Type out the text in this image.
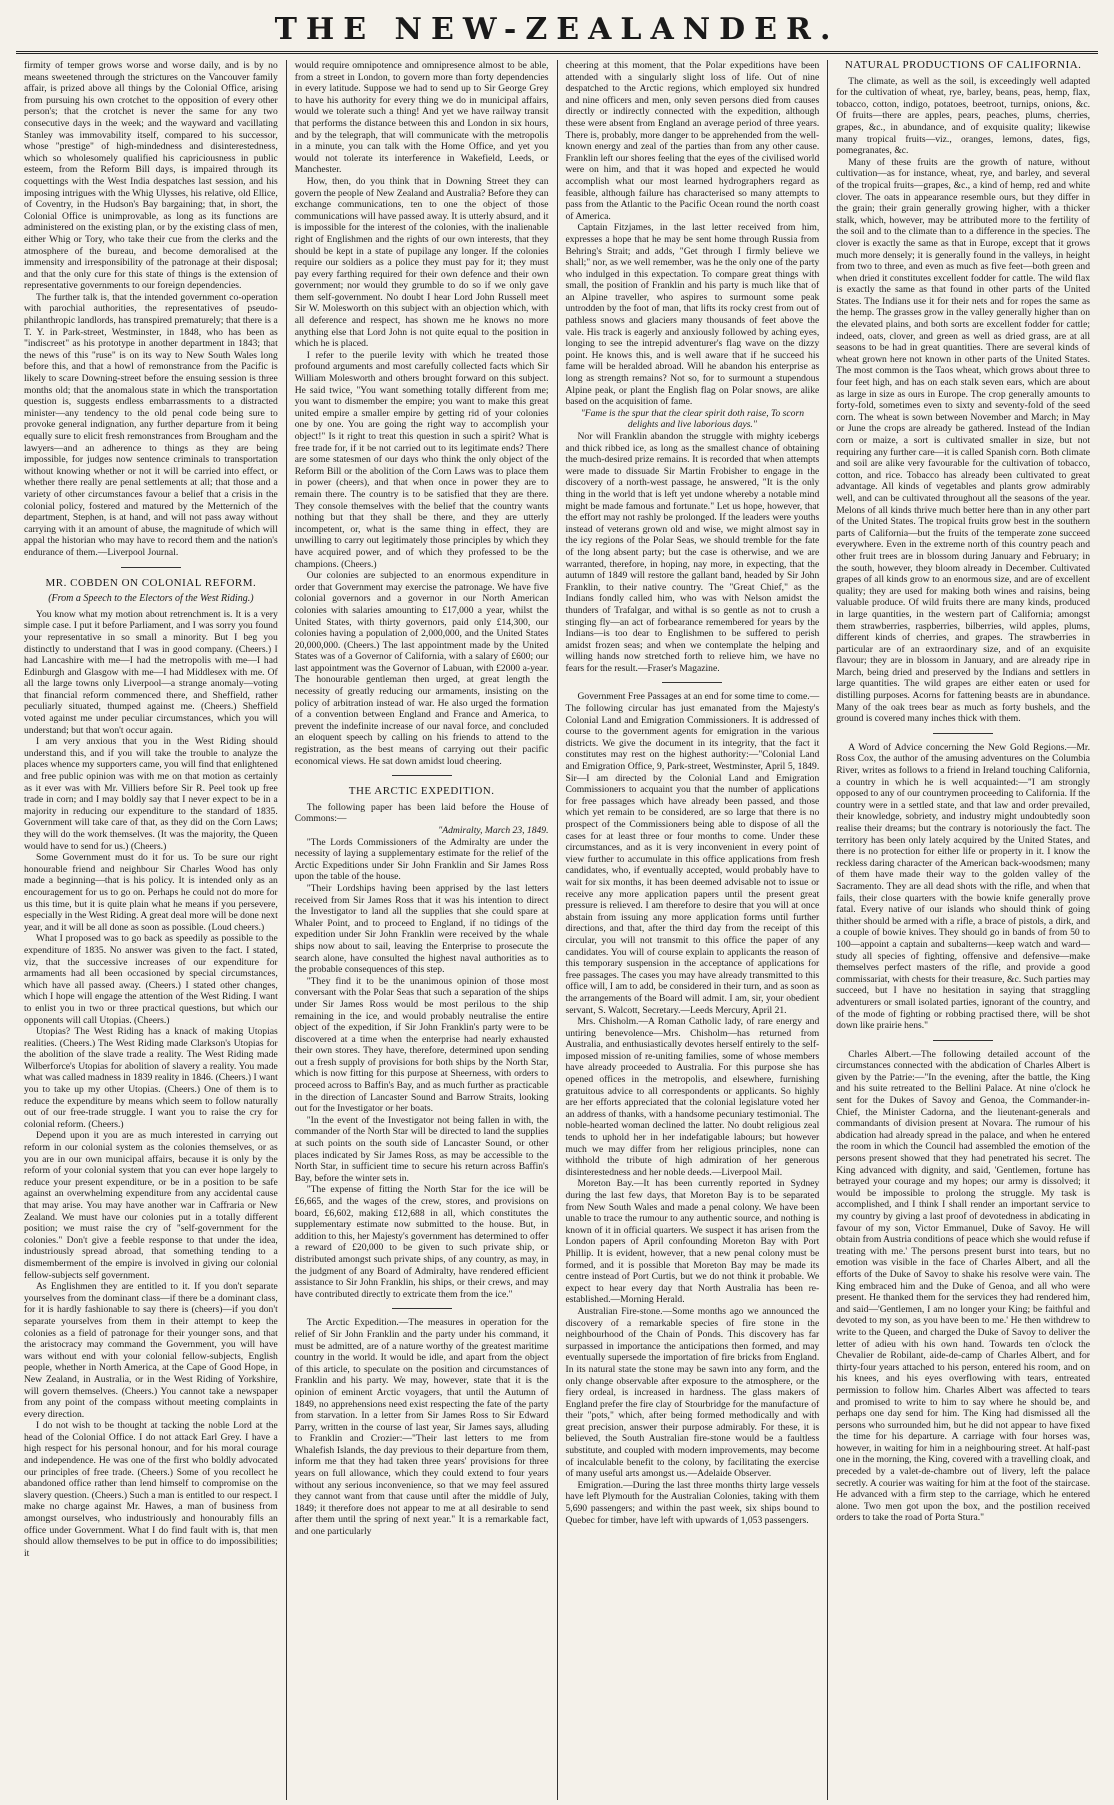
THE NEW-ZEALANDER.

firmity of temper grows worse and worse daily, and is by no means sweetened through the strictures on the Vancouver family affair, is prized above all things by the Colonial Office, arising from pursuing his own crotchet to the opposition of every other person's; that the crotchet is never the same for any two consecutive days in the week; and the wayward and vacillating Stanley was immovability itself, compared to his successor, whose "prestige" of high-mindedness and disinterestedness, which so wholesomely qualified his capriciousness in public esteem, from the Reform Bill days, is impaired through its coquettings with the West India despatches last session, and his imposing intrigues with the Whig Ulysses, his relative, old Ellice, of Coventry, in the Hudson's Bay bargaining; that, in short, the Colonial Office is unimprovable, as long as its functions are administered on the existing plan, or by the existing class of men, either Whig or Tory, who take their cue from the clerks and the atmosphere of the bureau, and become demoralised at the immensity and irresponsibility of the patronage at their disposal; and that the only cure for this state of things is the extension of representative governments to our foreign dependencies.

The further talk is, that the intended government co-operation with parochial authorities, the representatives of pseudo-philanthropic landlords, has transpired prematurely; that there is a T. Y. in Park-street, Westminster, in 1848, who has been as "indiscreet" as his prototype in another department in 1843; that the news of this "ruse" is on its way to New South Wales long before this, and that a howl of remonstrance from the Pacific is likely to scare Downing-street before the ensuing session is three months old; that the anomalous state in which the transportation question is, suggests endless embarrassments to a distracted minister—any tendency to the old penal code being sure to provoke general indignation, any further departure from it being equally sure to elicit fresh remonstrances from Brougham and the lawyers—and an adherence to things as they are being impossible, for judges now sentence criminals to transportation without knowing whether or not it will be carried into effect, or whether there really are penal settlements at all; that those and a variety of other circumstances favour a belief that a crisis in the colonial policy, fostered and matured by the Metternich of the department, Stephen, is at hand, and will not pass away without carrying with it an amount of abuse, the magnitude of which will appal the historian who may have to record them and the nation's endurance of them.—Liverpool Journal.

MR. COBDEN ON COLONIAL REFORM.
(From a Speech to the Electors of the West Riding.)

You know what my motion about retrenchment is. It is a very simple case. I put it before Parliament, and I was sorry you found your representative in so small a minority. But I beg you distinctly to understand that I was in good company. (Cheers.) I had Lancashire with me—I had the metropolis with me—I had Edinburgh and Glasgow with me—I had Middlesex with me. Of all the large towns only Liverpool—a strange anomaly—voting that financial reform commenced there, and Sheffield, rather peculiarly situated, thumped against me. (Cheers.) Sheffield voted against me under peculiar circumstances, which you will understand; but that won't occur again.

I am very anxious that you in the West Riding should understand this, and if you will take the trouble to analyze the places whence my supporters came, you will find that enlightened and free public opinion was with me on that motion as certainly as it ever was with Mr. Villiers before Sir R. Peel took up free trade in corn; and I may boldly say that I never expect to be in a majority in reducing our expenditure to the standard of 1835. Government will take care of that, as they did on the Corn Laws; they will do the work themselves. (It was the majority, the Queen would have to send for us.) (Cheers.)

Some Government must do it for us. To be sure our right honourable friend and neighbour Sir Charles Wood has only made a beginning—that is his policy. It is intended only as an encouragement for us to go on. Perhaps he could not do more for us this time, but it is quite plain what he means if you persevere, especially in the West Riding. A great deal more will be done next year, and it will be all done as soon as possible. (Loud cheers.)

What I proposed was to go back as speedily as possible to the expenditure of 1835. No answer was given to the fact. I stated, viz, that the successive increases of our expenditure for armaments had all been occasioned by special circumstances, which have all passed away. (Cheers.) I stated other changes, which I hope will engage the attention of the West Riding. I want to enlist you in two or three practical questions, but which our opponents will call Utopias. (Cheers.)

Utopias? The West Riding has a knack of making Utopias realities. (Cheers.) The West Riding made Clarkson's Utopias for the abolition of the slave trade a reality. The West Riding made Wilberforce's Utopias for abolition of slavery a reality. You made what was called madness in 1839 reality in 1846. (Cheers.) I want you to take up my other Utopias. (Cheers.) One of them is to reduce the expenditure by means which seem to follow naturally out of our free-trade struggle. I want you to raise the cry for colonial reform. (Cheers.)

Depend upon it you are as much interested in carrying out reform in our colonial system as the colonies themselves, or as you are in our own municipal affairs, because it is only by the reform of your colonial system that you can ever hope largely to reduce your present expenditure, or be in a position to be safe against an overwhelming expenditure from any accidental cause that may arise. You may have another war in Caffraria or New Zealand. We must have our colonies put in a totally different position; we must raise the cry of "self-government for the colonies." Don't give a feeble response to that under the idea, industriously spread abroad, that something tending to a dismemberment of the empire is involved in giving our colonial fellow-subjects self government.

As Englishmen they are entitled to it. If you don't separate yourselves from the dominant class—if there be a dominant class, for it is hardly fashionable to say there is (cheers)—if you don't separate yourselves from them in their attempt to keep the colonies as a field of patronage for their younger sons, and that the aristocracy may command the Government, you will have wars without end with your colonial fellow-subjects, English people, whether in North America, at the Cape of Good Hope, in New Zealand, in Australia, or in the West Riding of Yorkshire, will govern themselves. (Cheers.) You cannot take a newspaper from any point of the compass without meeting complaints in every direction.

I do not wish to be thought at tacking the noble Lord at the head of the Colonial Office. I do not attack Earl Grey. I have a high respect for his personal honour, and for his moral courage and independence. He was one of the first who boldly advocated our principles of free trade. (Cheers.) Some of you recollect he abandoned office rather than lend himself to compromise on the slavery question. (Cheers.) Such a man is entitled to our respect. I make no charge against Mr. Hawes, a man of business from amongst ourselves, who industriously and honourably fills an office under Government. What I do find fault with is, that men should allow themselves to be put in office to do impossibilities; it

would require omnipotence and omnipresence almost to be able, from a street in London, to govern more than forty dependencies in every latitude. Suppose we had to send up to Sir George Grey to have his authority for every thing we do in municipal affairs, would we tolerate such a thing! And yet we have railway transit that performs the distance between this and London in six hours, and by the telegraph, that will communicate with the metropolis in a minute, you can talk with the Home Office, and yet you would not tolerate its interference in Wakefield, Leeds, or Manchester.

How, then, do you think that in Downing Street they can govern the people of New Zealand and Australia? Before they can exchange communications, ten to one the object of those communications will have passed away. It is utterly absurd, and it is impossible for the interest of the colonies, with the inalienable right of Englishmen and the rights of our own interests, that they should be kept in a state of pupilage any longer. If the colonies require our soldiers as a police they must pay for it; they must pay every farthing required for their own defence and their own government; nor would they grumble to do so if we only gave them self-government. No doubt I hear Lord John Russell meet Sir W. Molesworth on this subject with an objection which, with all deference and respect, has shown me he knows no more anything else that Lord John is not quite equal to the position in which he is placed.

I refer to the puerile levity with which he treated those profound arguments and most carefully collected facts which Sir William Molesworth and others brought forward on this subject. He said twice, "You want something totally different from me; you want to dismember the empire; you want to make this great united empire a smaller empire by getting rid of your colonies one by one. You are going the right way to accomplish your object!" Is it right to treat this question in such a spirit? What is free trade for, if it be not carried out to its legitimate ends? There are some statesmen of our days who think the only object of the Reform Bill or the abolition of the Corn Laws was to place them in power (cheers), and that when once in power they are to remain there. The country is to be satisfied that they are there. They console themselves with the belief that the country wants nothing but that they shall be there, and they are utterly incompetent, or, what is the same thing in effect, they are unwilling to carry out legitimately those principles by which they have acquired power, and of which they professed to be the champions. (Cheers.)

Our colonies are subjected to an enormous expenditure in order that Government may exercise the patronage. We have five colonial governors and a governor in our North American colonies with salaries amounting to £17,000 a year, whilst the United States, with thirty governors, paid only £14,300, our colonies having a population of 2,000,000, and the United States 20,000,000. (Cheers.) The last appointment made by the United States was of a Governor of California, with a salary of £600; our last appointment was the Governor of Labuan, with £2000 a-year. The honourable gentleman then urged, at great length the necessity of greatly reducing our armaments, insisting on the policy of arbitration instead of war. He also urged the formation of a convention between England and France and America, to prevent the indefinite increase of our naval force, and concluded an eloquent speech by calling on his friends to attend to the registration, as the best means of carrying out their pacific economical views. He sat down amidst loud cheering.

THE ARCTIC EXPEDITION.

The following paper has been laid before the House of Commons:—

"Admiralty, March 23, 1849.

"The Lords Commissioners of the Admiralty are under the necessity of laying a supplementary estimate for the relief of the Arctic Expeditions under Sir John Franklin and Sir James Ross upon the table of the house.

"Their Lordships having been apprised by the last letters received from Sir James Ross that it was his intention to direct the Investigator to land all the supplies that she could spare at Whaler Point, and to proceed to England, if no tidings of the expedition under Sir John Franklin were received by the whale ships now about to sail, leaving the Enterprise to prosecute the search alone, have consulted the highest naval authorities as to the probable consequences of this step.

"They find it to be the unanimous opinion of those most conversant with the Polar Seas that such a separation of the ships under Sir James Ross would be most perilous to the ship remaining in the ice, and would probably neutralise the entire object of the expedition, if Sir John Franklin's party were to be discovered at a time when the enterprise had nearly exhausted their own stores. They have, therefore, determined upon sending out a fresh supply of provisions for both ships by the North Star, which is now fitting for this purpose at Sheerness, with orders to proceed across to Baffin's Bay, and as much further as practicable in the direction of Lancaster Sound and Barrow Straits, looking out for the Investigator or her boats.

"In the event of the Investigator not being fallen in with, the commander of the North Star will be directed to land the supplies at such points on the south side of Lancaster Sound, or other places indicated by Sir James Ross, as may be accessible to the North Star, in sufficient time to secure his return across Baffin's Bay, before the winter sets in.

"The expense of fitting the North Star for the ice will be £6,665, and the wages of the crew, stores, and provisions on board, £6,602, making £12,688 in all, which constitutes the supplementary estimate now submitted to the house. But, in addition to this, her Majesty's government has determined to offer a reward of £20,000 to be given to such private ship, or distributed amongst such private ships, of any country, as may, in the judgment of any Board of Admiralty, have rendered efficient assistance to Sir John Franklin, his ships, or their crews, and may have contributed directly to extricate them from the ice."

The Arctic Expedition.—The measures in operation for the relief of Sir John Franklin and the party under his command, it must be admitted, are of a nature worthy of the greatest maritime country in the world. It would be idle, and apart from the object of this article, to speculate on the position and circumstances of Franklin and his party. We may, however, state that it is the opinion of eminent Arctic voyagers, that until the Autumn of 1849, no apprehensions need exist respecting the fate of the party from starvation. In a letter from Sir James Ross to Sir Edward Parry, written in the course of last year, Sir James says, alluding to Franklin and Crozier:—"Their last letters to me from Whalefish Islands, the day previous to their departure from them, inform me that they had taken three years' provisions for three years on full allowance, which they could extend to four years without any serious inconvenience, so that we may feel assured they cannot want from that cause until after the middle of July, 1849; it therefore does not appear to me at all desirable to send after them until the spring of next year." It is a remarkable fact, and one particularly

cheering at this moment, that the Polar expeditions have been attended with a singularly slight loss of life. Out of nine despatched to the Arctic regions, which employed six hundred and nine officers and men, only seven persons died from causes directly or indirectly connected with the expedition, although these were absent from England an average period of three years. There is, probably, more danger to be apprehended from the well-known energy and zeal of the parties than from any other cause. Franklin left our shores feeling that the eyes of the civilised world were on him, and that it was hoped and expected he would accomplish what our most learned hydrographers regard as feasible, although failure has characterised so many attempts to pass from the Atlantic to the Pacific Ocean round the north coast of America.

Captain Fitzjames, in the last letter received from him, expresses a hope that he may be sent home through Russia from Behring's Strait; and adds, "Get through I firmly believe we shall;" nor, as we well remember, was he the only one of the party who indulged in this expectation. To compare great things with small, the position of Franklin and his party is much like that of an Alpine traveller, who aspires to surmount some peak untrodden by the foot of man, that lifts its rocky crest from out of pathless snows and glaciers many thousands of feet above the vale. His track is eagerly and anxiously followed by aching eyes, longing to see the intrepid adventurer's flag wave on the dizzy point. He knows this, and is well aware that if he succeed his fame will be heralded abroad. Will he abandon his enterprise as long as strength remains? Not so, for to surmount a stupendous Alpine peak, or plant the English flag on Polar snows, are alike based on the acquisition of fame.

"Fame is the spur that the clear spirit doth raise, To scorn delights and live laborious days."

Nor will Franklin abandon the struggle with mighty icebergs and thick ribbed ice, as long as the smallest chance of obtaining the much-desired prize remains. It is recorded that when attempts were made to dissuade Sir Martin Frobisher to engage in the discovery of a north-west passage, he answered, "It is the only thing in the world that is left yet undone whereby a notable mind might be made famous and fortunate." Let us hope, however, that the effort may not rashly be prolonged. If the leaders were youths instead of veterans grown old and wise, we might almost say in the icy regions of the Polar Seas, we should tremble for the fate of the long absent party; but the case is otherwise, and we are warranted, therefore, in hoping, nay more, in expecting, that the autumn of 1849 will restore the gallant band, headed by Sir John Franklin, to their native country. The "Great Chief," as the Indians fondly called him, who was with Nelson amidst the thunders of Trafalgar, and withal is so gentle as not to crush a stinging fly—an act of forbearance remembered for years by the Indians—is too dear to Englishmen to be suffered to perish amidst frozen seas; and when we contemplate the helping and willing hands now stretched forth to relieve him, we have no fears for the result.—Fraser's Magazine.

Government Free Passages at an end for some time to come.—The following circular has just emanated from the Majesty's Colonial Land and Emigration Commissioners. It is addressed of course to the government agents for emigration in the various districts. We give the document in its integrity, that the fact it constitutes may rest on the highest authority:—"Colonial Land and Emigration Office, 9, Park-street, Westminster, April 5, 1849. Sir—I am directed by the Colonial Land and Emigration Commissioners to acquaint you that the number of applications for free passages which have already been passed, and those which yet remain to be considered, are so large that there is no prospect of the Commissioners being able to dispose of all the cases for at least three or four months to come. Under these circumstances, and as it is very inconvenient in every point of view further to accumulate in this office applications from fresh candidates, who, if eventually accepted, would probably have to wait for six months, it has been deemed advisable not to issue or receive any more application papers until the present great pressure is relieved. I am therefore to desire that you will at once abstain from issuing any more application forms until further directions, and that, after the third day from the receipt of this circular, you will not transmit to this office the paper of any candidates. You will of course explain to applicants the reason of this temporary suspension in the acceptance of applications for free passages. The cases you may have already transmitted to this office will, I am to add, be considered in their turn, and as soon as the arrangements of the Board will admit. I am, sir, your obedient servant, S. Walcott, Secretary.—Leeds Mercury, April 21.

Mrs. Chisholm.—A Roman Catholic lady, of rare energy and untiring benevolence—Mrs. Chisholm—has returned from Australia, and enthusiastically devotes herself entirely to the self-imposed mission of re-uniting families, some of whose members have already proceeded to Australia. For this purpose she has opened offices in the metropolis, and elsewhere, furnishing gratuitous advice to all correspondents or applicants. So highly are her efforts appreciated that the colonial legislature voted her an address of thanks, with a handsome pecuniary testimonial. The noble-hearted woman declined the latter. No doubt religious zeal tends to uphold her in her indefatigable labours; but however much we may differ from her religious principles, none can withhold the tribute of high admiration of her generous disinterestedness and her noble deeds.—Liverpool Mail.

Moreton Bay.—It has been currently reported in Sydney during the last few days, that Moreton Bay is to be separated from New South Wales and made a penal colony. We have been unable to trace the rumour to any authentic source, and nothing is known of it in official quarters. We suspect it has arisen from the London papers of April confounding Moreton Bay with Port Phillip. It is evident, however, that a new penal colony must be formed, and it is possible that Moreton Bay may be made its centre instead of Port Curtis, but we do not think it probable. We expect to hear every day that North Australia has been re-established.—Morning Herald.

Australian Fire-stone.—Some months ago we announced the discovery of a remarkable species of fire stone in the neighbourhood of the Chain of Ponds. This discovery has far surpassed in importance the anticipations then formed, and may eventually supersede the importation of fire bricks from England. In its natural state the stone may be sawn into any form, and the only change observable after exposure to the atmosphere, or the fiery ordeal, is increased in hardness. The glass makers of England prefer the fire clay of Stourbridge for the manufacture of their "pots," which, after being formed methodically and with great precision, answer their purpose admirably. For these, it is believed, the South Australian fire-stone would be a faultless substitute, and coupled with modern improvements, may become of incalculable benefit to the colony, by facilitating the exercise of many useful arts amongst us.—Adelaide Observer.

Emigration.—During the last three months thirty large vessels have left Plymouth for the Australian Colonies, taking with them 5,690 passengers; and within the past week, six ships bound to Quebec for timber, have left with upwards of 1,053 passengers.

NATURAL PRODUCTIONS OF CALIFORNIA.

The climate, as well as the soil, is exceedingly well adapted for the cultivation of wheat, rye, barley, beans, peas, hemp, flax, tobacco, cotton, indigo, potatoes, beetroot, turnips, onions, &c. Of fruits—there are apples, pears, peaches, plums, cherries, grapes, &c., in abundance, and of exquisite quality; likewise many tropical fruits—viz., oranges, lemons, dates, figs, pomegranates, &c.

Many of these fruits are the growth of nature, without cultivation—as for instance, wheat, rye, and barley, and several of the tropical fruits—grapes, &c., a kind of hemp, red and white clover. The oats in appearance resemble ours, but they differ in the grain; their grain generally growing higher, with a thicker stalk, which, however, may be attributed more to the fertility of the soil and to the climate than to a difference in the species. The clover is exactly the same as that in Europe, except that it grows much more densely; it is generally found in the valleys, in height from two to three, and even as much as five feet—both green and when dried it constitutes excellent fodder for cattle. The wild flax is exactly the same as that found in other parts of the United States. The Indians use it for their nets and for ropes the same as the hemp. The grasses grow in the valley generally higher than on the elevated plains, and both sorts are excellent fodder for cattle; indeed, oats, clover, and green as well as dried grass, are at all seasons to be had in great quantities. There are several kinds of wheat grown here not known in other parts of the United States. The most common is the Taos wheat, which grows about three to four feet high, and has on each stalk seven ears, which are about as large in size as ours in Europe. The crop generally amounts to forty-fold, sometimes even to sixty and seventy-fold of the seed corn. The wheat is sown between November and March; in May or June the crops are already be gathered. Instead of the Indian corn or maize, a sort is cultivated smaller in size, but not requiring any further care—it is called Spanish corn. Both climate and soil are alike very favourable for the cultivation of tobacco, cotton, and rice. Tobacco has already been cultivated to great advantage. All kinds of vegetables and plants grow admirably well, and can be cultivated throughout all the seasons of the year. Melons of all kinds thrive much better here than in any other part of the United States. The tropical fruits grow best in the southern parts of California—but the fruits of the temperate zone succeed everywhere. Even in the extreme north of this country peach and other fruit trees are in blossom during January and February; in the south, however, they bloom already in December. Cultivated grapes of all kinds grow to an enormous size, and are of excellent quality; they are used for making both wines and raisins, being valuable produce. Of wild fruits there are many kinds, produced in large quantities, in the western part of California; amongst them strawberries, raspberries, bilberries, wild apples, plums, different kinds of cherries, and grapes. The strawberries in particular are of an extraordinary size, and of an exquisite flavour; they are in blossom in January, and are already ripe in March, being dried and preserved by the Indians and settlers in large quantities. The wild grapes are either eaten or used for distilling purposes. Acorns for fattening beasts are in abundance. Many of the oak trees bear as much as forty bushels, and the ground is covered many inches thick with them.

A Word of Advice concerning the New Gold Regions.—Mr. Ross Cox, the author of the amusing adventures on the Columbia River, writes as follows to a friend in Ireland touching California, a country in which he is well acquainted:—"I am strongly opposed to any of our countrymen proceeding to California. If the country were in a settled state, and that law and order prevailed, their knowledge, sobriety, and industry might undoubtedly soon realise their dreams; but the contrary is notoriously the fact. The territory has been only lately acquired by the United States, and there is no protection for either life or property in it. I know the reckless daring character of the American back-woodsmen; many of them have made their way to the golden valley of the Sacramento. They are all dead shots with the rifle, and when that fails, their close quarters with the bowie knife generally prove fatal. Every native of our islands who should think of going thither should be armed with a rifle, a brace of pistols, a dirk, and a couple of bowie knives. They should go in bands of from 50 to 100—appoint a captain and subalterns—keep watch and ward—study all species of fighting, offensive and defensive—make themselves perfect masters of the rifle, and provide a good commissariat, with chests for their treasure, &c. Such parties may succeed, but I have no hesitation in saying that straggling adventurers or small isolated parties, ignorant of the country, and of the mode of fighting or robbing practised there, will be shot down like prairie hens."

Charles Albert.—The following detailed account of the circumstances connected with the abdication of Charles Albert is given by the Patrie:—"In the evening, after the battle, the King and his suite retreated to the Bellini Palace. At nine o'clock he sent for the Dukes of Savoy and Genoa, the Commander-in-Chief, the Minister Cadorna, and the lieutenant-generals and commandants of division present at Novara. The rumour of his abdication had already spread in the palace, and when he entered the room in which the Council had assembled the emotion of the persons present showed that they had penetrated his secret. The King advanced with dignity, and said, 'Gentlemen, fortune has betrayed your courage and my hopes; our army is dissolved; it would be impossible to prolong the struggle. My task is accomplished, and I think I shall render an important service to my country by giving a last proof of devotedness in abdicating in favour of my son, Victor Emmanuel, Duke of Savoy. He will obtain from Austria conditions of peace which she would refuse if treating with me.' The persons present burst into tears, but no emotion was visible in the face of Charles Albert, and all the efforts of the Duke of Savoy to shake his resolve were vain. The King embraced him and the Duke of Genoa, and all who were present. He thanked them for the services they had rendered him, and said—'Gentlemen, I am no longer your King; be faithful and devoted to my son, as you have been to me.' He then withdrew to write to the Queen, and charged the Duke of Savoy to deliver the letter of adieu with his own hand. Towards ten o'clock the Chevalier de Robilant, aide-de-camp of Charles Albert, and for thirty-four years attached to his person, entered his room, and on his knees, and his eyes overflowing with tears, entreated permission to follow him. Charles Albert was affected to tears and promised to write to him to say where he should be, and perhaps one day send for him. The King had dismissed all the persons who surrounded him, but he did not appear to have fixed the time for his departure. A carriage with four horses was, however, in waiting for him in a neighbouring street. At half-past one in the morning, the King, covered with a travelling cloak, and preceded by a valet-de-chambre out of livery, left the palace secretly. A courier was waiting for him at the foot of the staircase. He advanced with a firm step to the carriage, which he entered alone. Two men got upon the box, and the postilion received orders to take the road of Porta Stura."
